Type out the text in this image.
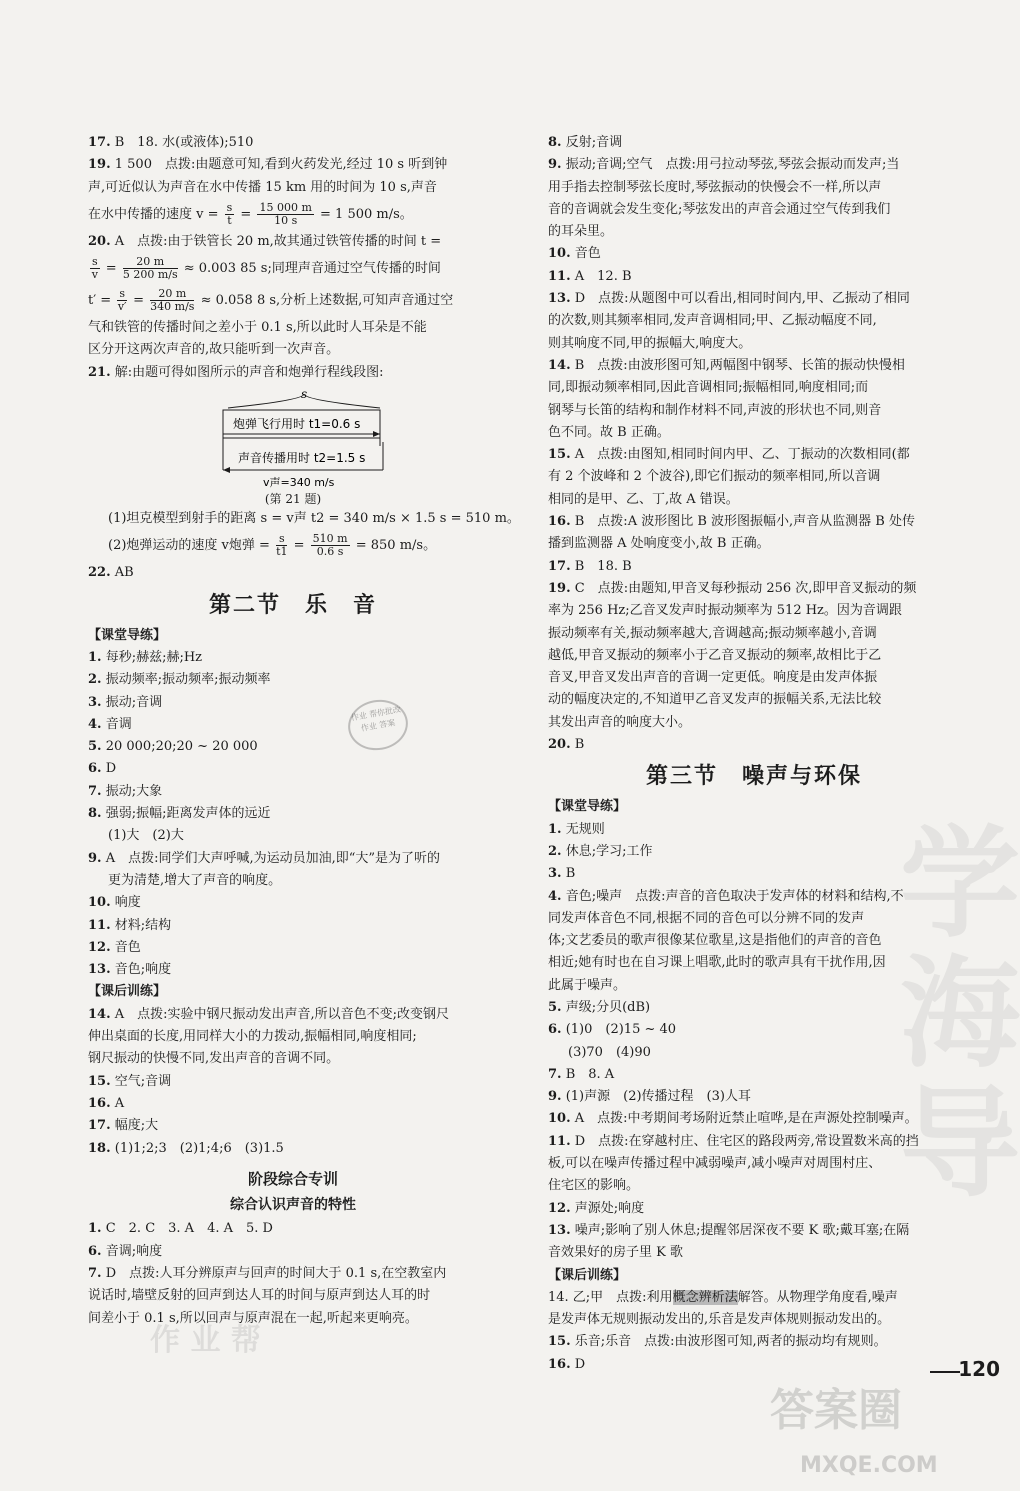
17. B　18. 水(或液体);510
19. 1 500　点拨:由题意可知,看到火药发光,经过 10 s 听到钟
声,可近似认为声音在水中传播 15 km 用的时间为 10 s,声音
在水中传播的速度 $v = \frac{s}{t} = \frac{15 000 m}{10 s} = 1$ 500 m/s。
20. A　点拨:由于铁管长 20 m,故其通过铁管传播的时间 t =
$\frac{s}{v} = \frac{20 m}{5 200 m/s} \approx 0.003$ 85 s;同理声音通过空气传播的时间
$t' = \frac{s}{v'} = \frac{20 m}{340 m/s} \approx 0.058$ 8 s,分析上述数据,可知声音通过空
气和铁管的传播时间之差小于 0.1 s,所以此时人耳朵是不能
区分开这两次声音的,故只能听到一次声音。
21. 解:由题可得如图所示的声音和炮弹行程线段图:
s
炮弹飞行用时 t1=0.6 s
声音传播用时 t2=1.5 s
v声=340 m/s
(第 21 题)
(1)坦克模型到射手的距离 s = v声 t2 = 340 m/s × 1.5 s = 510 m。
(2)炮弹运动的速度 v炮弹 = $\frac{s}{t1} = \frac{510 m}{0.6 s} = 850$ m/s。
22. AB
第二节　乐　音
【课堂导练】
1. 每秒;赫兹;赫;Hz
2. 振动频率;振动频率;振动频率
3. 振动;音调
4. 音调
5. 20 000;20;20 ~ 20 000
6. D
7. 振动;大象
8. 强弱;振幅;距离发声体的远近
(1)大　(2)大
9. A　点拨:同学们大声呼喊,为运动员加油,即“大”是为了听的
更为清楚,增大了声音的响度。
10. 响度
11. 材料;结构
12. 音色
13. 音色;响度
【课后训练】
14. A　点拨:实验中钢尺振动发出声音,所以音色不变;改变钢尺
伸出桌面的长度,用同样大小的力拨动,振幅相同,响度相同;
钢尺振动的快慢不同,发出声音的音调不同。
15. 空气;音调
16. A
17. 幅度;大
18. (1)1;2;3　(2)1;4;6　(3)1.5
阶段综合专训
综合认识声音的特性
1. C　2. C　3. A　4. A　5. D
6. 音调;响度
7. D　点拨:人耳分辨原声与回声的时间大于 0.1 s,在空教室内
说话时,墙壁反射的回声到达人耳的时间与原声到达人耳的时
间差小于 0.1 s,所以回声与原声混在一起,听起来更响亮。
8. 反射;音调
9. 振动;音调;空气　点拨:用弓拉动琴弦,琴弦会振动而发声;当
用手指去控制琴弦长度时,琴弦振动的快慢会不一样,所以声
音的音调就会发生变化;琴弦发出的声音会通过空气传到我们
的耳朵里。
10. 音色
11. A　12. B
13. D　点拨:从题图中可以看出,相同时间内,甲、乙振动了相同
的次数,则其频率相同,发声音调相同;甲、乙振动幅度不同,
则其响度不同,甲的振幅大,响度大。
14. B　点拨:由波形图可知,两幅图中钢琴、长笛的振动快慢相
同,即振动频率相同,因此音调相同;振幅相同,响度相同;而
钢琴与长笛的结构和制作材料不同,声波的形状也不同,则音
色不同。故 B 正确。
15. A　点拨:由图知,相同时间内甲、乙、丁振动的次数相同(都
有 2 个波峰和 2 个波谷),即它们振动的频率相同,所以音调
相同的是甲、乙、丁,故 A 错误。
16. B　点拨:A 波形图比 B 波形图振幅小,声音从监测器 B 处传
播到监测器 A 处响度变小,故 B 正确。
17. B　18. B
19. C　点拨:由题知,甲音叉每秒振动 256 次,即甲音叉振动的频
率为 256 Hz;乙音叉发声时振动频率为 512 Hz。因为音调跟
振动频率有关,振动频率越大,音调越高;振动频率越小,音调
越低,甲音叉振动的频率小于乙音叉振动的频率,故相比于乙
音叉,甲音叉发出声音的音调一定更低。响度是由发声体振
动的幅度决定的,不知道甲乙音叉发声的振幅关系,无法比较
其发出声音的响度大小。
20. B
第三节　噪声与环保
【课堂导练】
1. 无规则
2. 休息;学习;工作
3. B
4. 音色;噪声　点拨:声音的音色取决于发声体的材料和结构,不
同发声体音色不同,根据不同的音色可以分辨不同的发声
体;文艺委员的歌声很像某位歌星,这是指他们的声音的音色
相近;她有时也在自习课上唱歌,此时的歌声具有干扰作用,因
此属于噪声。
5. 声级;分贝(dB)
6. (1)0　(2)15 ~ 40
(3)70　(4)90
7. B　8. A
9. (1)声源　(2)传播过程　(3)人耳
10. A　点拨:中考期间考场附近禁止喧哗,是在声源处控制噪声。
11. D　点拨:在穿越村庄、住宅区的路段两旁,常设置数米高的挡
板,可以在噪声传播过程中减弱噪声,减小噪声对周围村庄、
住宅区的影响。
12. 声源处;响度
13. 噪声;影响了别人休息;提醒邻居深夜不要 K 歌;戴耳塞;在隔
音效果好的房子里 K 歌
【课后训练】
14. 乙;甲　点拨:利用概念辨析法解答。从物理学角度看,噪声
是发声体无规则振动发出的,乐音是发声体规则振动发出的。
15. 乐音;乐音　点拨:由波形图可知,两者的振动均有规则。
16. D
作业 帮你批改作业 答案
作 业 帮
学
海
导
答案圈
MXQE.COM
120
